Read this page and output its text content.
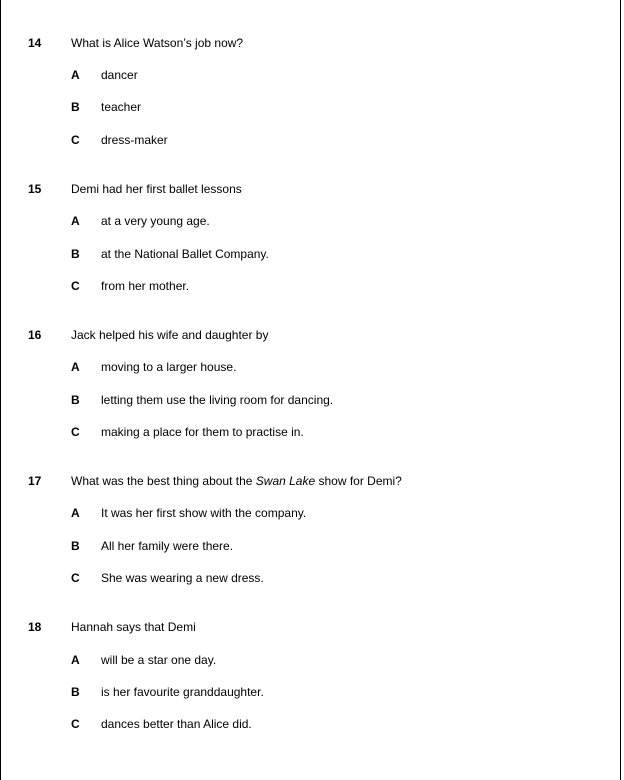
14 What is Alice Watson’s job now?
A dancer
B teacher
C dress-maker
15 Demi had her first ballet lessons
A at a very young age.
B at the National Ballet Company.
C from her mother.
16 Jack helped his wife and daughter by
A moving to a larger house.
B letting them use the living room for dancing.
C making a place for them to practise in.
17 What was the best thing about the Swan Lake show for Demi?
A It was her first show with the company.
B All her family were there.
C She was wearing a new dress.
18 Hannah says that Demi
A will be a star one day.
B is her favourite granddaughter.
C dances better than Alice did.
